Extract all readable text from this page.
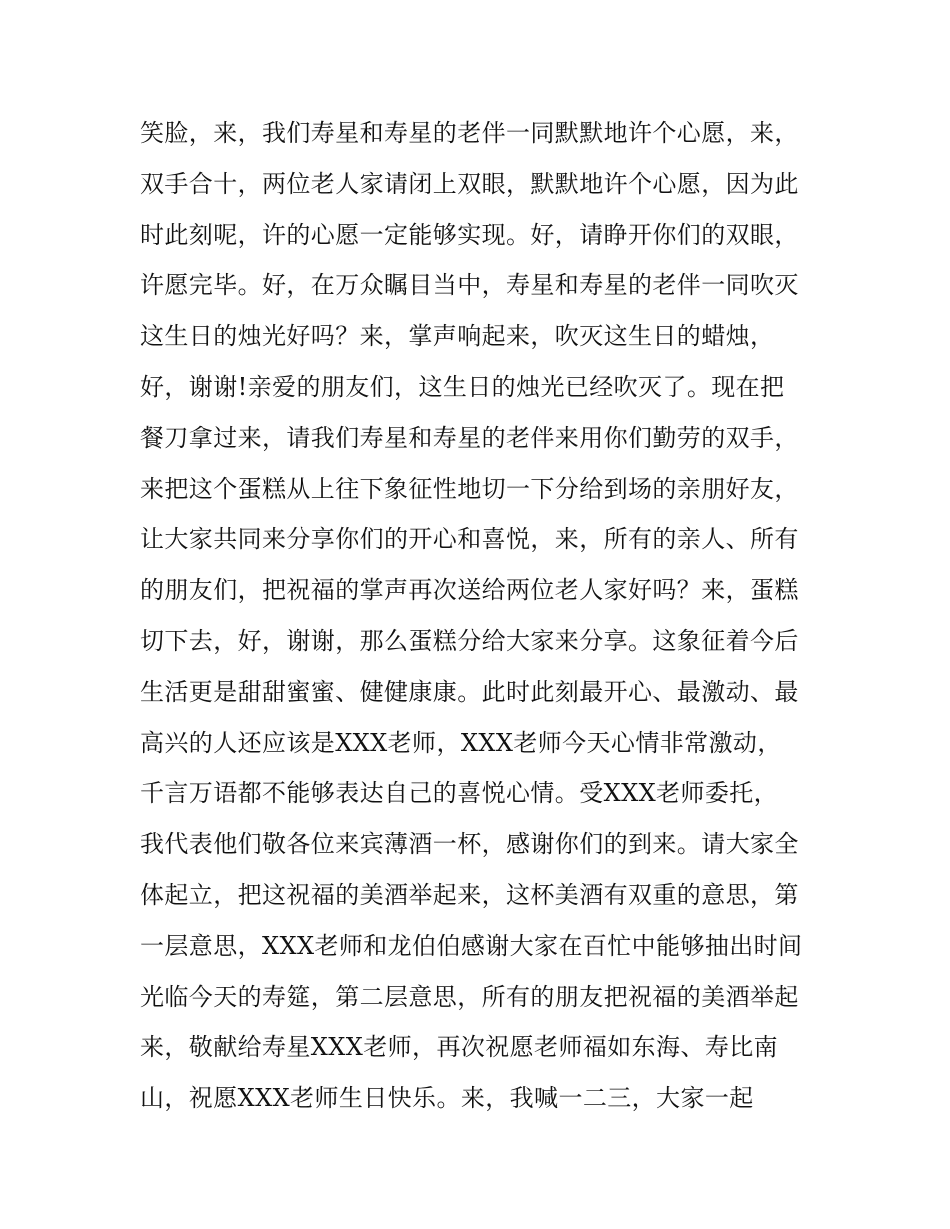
笑脸，来，我们寿星和寿星的老伴一同默默地许个心愿，来，
双手合十，两位老人家请闭上双眼，默默地许个心愿，因为此
时此刻呢，许的心愿一定能够实现。好，请睁开你们的双眼，
许愿完毕。好，在万众瞩目当中，寿星和寿星的老伴一同吹灭
这生日的烛光好吗？来，掌声响起来，吹灭这生日的蜡烛，
好，谢谢!亲爱的朋友们，这生日的烛光已经吹灭了。现在把
餐刀拿过来，请我们寿星和寿星的老伴来用你们勤劳的双手，
来把这个蛋糕从上往下象征性地切一下分给到场的亲朋好友，
让大家共同来分享你们的开心和喜悦，来，所有的亲人、所有
的朋友们，把祝福的掌声再次送给两位老人家好吗？来，蛋糕
切下去，好，谢谢，那么蛋糕分给大家来分享。这象征着今后
生活更是甜甜蜜蜜、健健康康。此时此刻最开心、最激动、最
高兴的人还应该是XXX老师，XXX老师今天心情非常激动，
千言万语都不能够表达自己的喜悦心情。受XXX老师委托，
我代表他们敬各位来宾薄酒一杯，感谢你们的到来。请大家全
体起立，把这祝福的美酒举起来，这杯美酒有双重的意思，第
一层意思，XXX老师和龙伯伯感谢大家在百忙中能够抽出时间
光临今天的寿筵，第二层意思，所有的朋友把祝福的美酒举起
来，敬献给寿星XXX老师，再次祝愿老师福如东海、寿比南
山，祝愿XXX老师生日快乐。来，我喊一二三，大家一起
